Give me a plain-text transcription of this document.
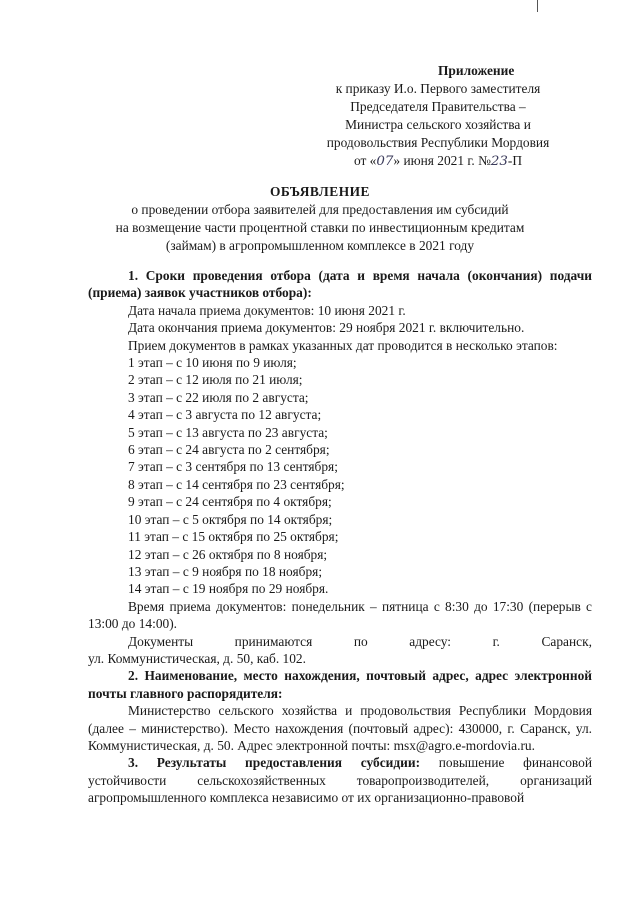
Приложение
к приказу И.о. Первого заместителя
Председателя Правительства –
Министра сельского хозяйства и
продовольствия Республики Мордовия
от «07» июня 2021 г. №23-П
ОБЪЯВЛЕНИЕ
о проведении отбора заявителей для предоставления им субсидий
на возмещение части процентной ставки по инвестиционным кредитам
(займам) в агропромышленном комплексе в 2021 году

1. Сроки проведения отбора (дата и время начала (окончания) подачи (приема) заявок участников отбора):

Дата начала приема документов: 10 июня 2021 г.

Дата окончания приема документов: 29 ноября 2021 г. включительно.

Прием документов в рамках указанных дат проводится в несколько этапов:

1 этап – с 10 июня по 9 июля;

2 этап – с 12 июля по 21 июля;

3 этап – с 22 июля по 2 августа;

4 этап – с 3 августа по 12 августа;

5 этап – с 13 августа по 23 августа;

6 этап – с 24 августа по 2 сентября;

7 этап – с 3 сентября по 13 сентября;

8 этап – с 14 сентября по 23 сентября;

9 этап – с 24 сентября по 4 октября;

10 этап – с 5 октября по 14 октября;

11 этап – с 15 октября по 25 октября;

12 этап – с 26 октября по 8 ноября;

13 этап – с 9 ноября по 18 ноября;

14 этап – с 19 ноября по 29 ноября.

Время приема документов: понедельник – пятница с 8:30 до 17:30 (перерыв с 13:00 до 14:00).

Документы	принимаются	по	адресу:	г.	Саранск,

ул. Коммунистическая, д. 50, каб. 102.

2. Наименование, место нахождения, почтовый адрес, адрес электронной почты главного распорядителя:

Министерство сельского хозяйства и продовольствия Республики Мордовия (далее – министерство). Место нахождения (почтовый адрес): 430000, г. Саранск, ул. Коммунистическая, д. 50. Адрес электронной почты: msx@agro.e-mordovia.ru.

3. Результаты предоставления субсидии: повышение финансовой устойчивости сельскохозяйственных товаропроизводителей, организаций агропромышленного комплекса независимо от их организационно-правовой
